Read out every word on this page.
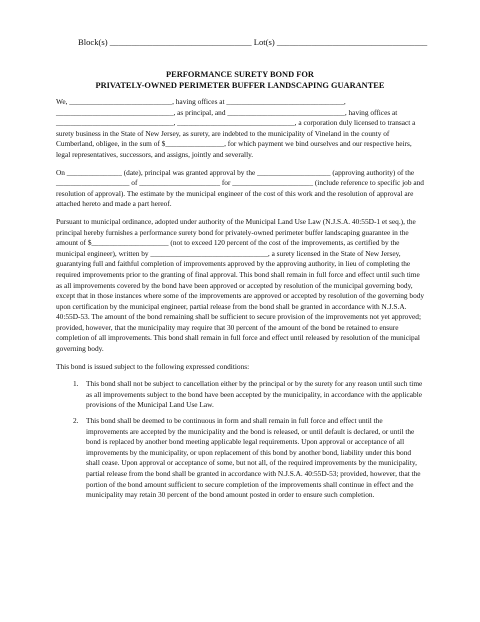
Block(s) _________________________________ Lot(s) ___________________________________
PERFORMANCE SURETY BOND FOR
PRIVATELY-OWNED PERIMETER BUFFER LANDSCAPING GUARANTEE

We, ____________________________, having offices at ________________________________, ________________________________, as principal, and ________________________________, having offices at ________________________________, ________________________________, a corporation duly licensed to transact a surety business in the State of New Jersey, as surety, are indebted to the municipality of Vineland in the county of Cumberland, obligee, in the sum of $________________, for which payment we bind ourselves and our respective heirs, legal representatives, successors, and assigns, jointly and severally.

On _______________ (date), principal was granted approval by the ____________________ (approving authority) of the ____________________ of ______________________ for ______________________ (include reference to specific job and resolution of approval). The estimate by the municipal engineer of the cost of this work and the resolution of approval are attached hereto and made a part hereof.

Pursuant to municipal ordinance, adopted under authority of the Municipal Land Use Law (N.J.S.A. 40:55D-1 et seq.), the principal hereby furnishes a performance surety bond for privately-owned perimeter buffer landscaping guarantee in the amount of $_____________________ (not to exceed 120 percent of the cost of the improvements, as certified by the municipal engineer), written by ________________________________, a surety licensed in the State of New Jersey, guarantying full and faithful completion of improvements approved by the approving authority, in lieu of completing the required improvements prior to the granting of final approval. This bond shall remain in full force and effect until such time as all improvements covered by the bond have been approved or accepted by resolution of the municipal governing body, except that in those instances where some of the improvements are approved or accepted by resolution of the governing body upon certification by the municipal engineer, partial release from the bond shall be granted in accordance with N.J.S.A. 40:55D-53. The amount of the bond remaining shall be sufficient to secure provision of the improvements not yet approved; provided, however, that the municipality may require that 30 percent of the amount of the bond be retained to ensure completion of all improvements. This bond shall remain in full force and effect until released by resolution of the municipal governing body.

This bond is issued subject to the following expressed conditions:

1. This bond shall not be subject to cancellation either by the principal or by the surety for any reason until such time as all improvements subject to the bond have been accepted by the municipality, in accordance with the applicable provisions of the Municipal Land Use Law.
2. This bond shall be deemed to be continuous in form and shall remain in full force and effect until the improvements are accepted by the municipality and the bond is released, or until default is declared, or until the bond is replaced by another bond meeting applicable legal requirements. Upon approval or acceptance of all improvements by the municipality, or upon replacement of this bond by another bond, liability under this bond shall cease. Upon approval or acceptance of some, but not all, of the required improvements by the municipality, partial release from the bond shall be granted in accordance with N.J.S.A. 40:55D-53; provided, however, that the portion of the bond amount sufficient to secure completion of the improvements shall continue in effect and the municipality may retain 30 percent of the bond amount posted in order to ensure such completion.
